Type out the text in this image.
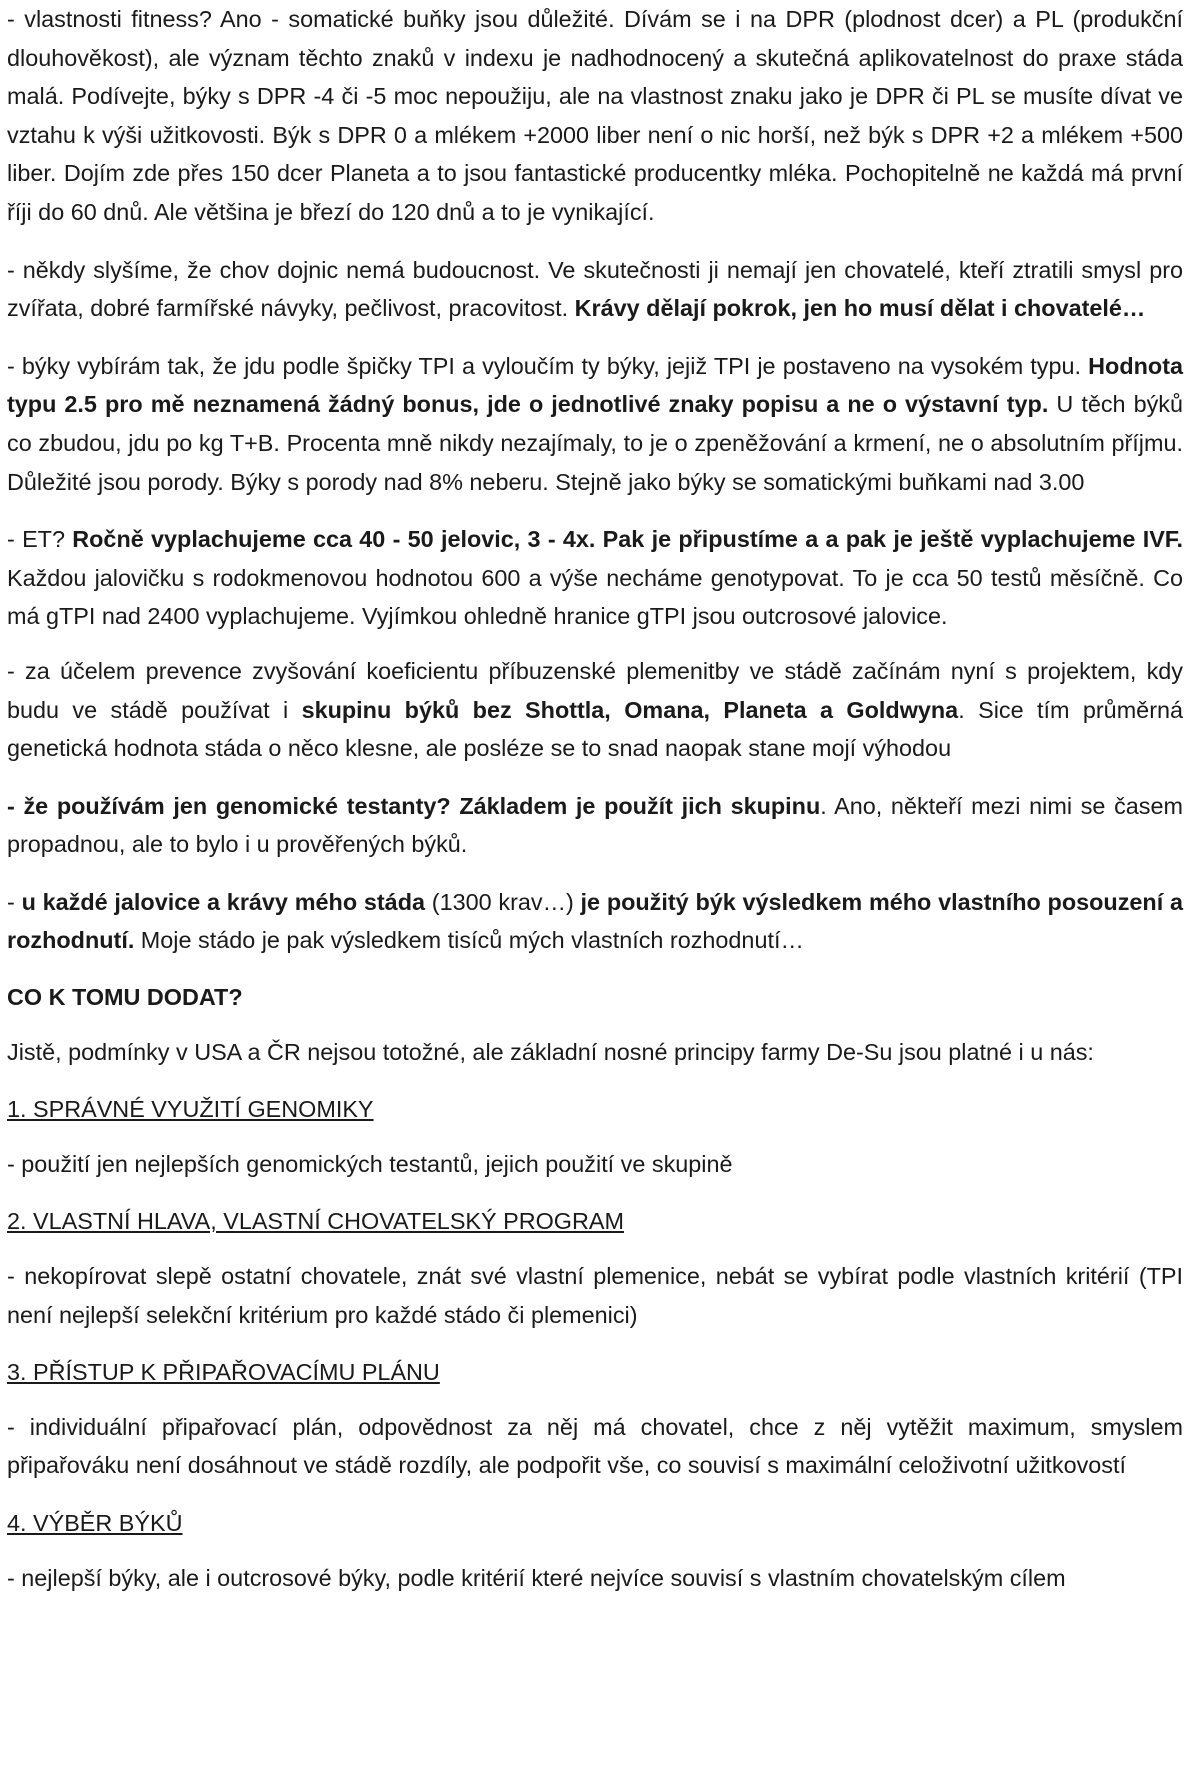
- vlastnosti fitness? Ano - somatické buňky jsou důležité. Dívám se i na DPR (plodnost dcer) a PL (produkční dlouhověkost), ale význam těchto znaků v indexu je nadhodnocený a skutečná aplikovatelnost do praxe stáda malá. Podívejte, býky s DPR -4 či -5 moc nepoužiju, ale na vlastnost znaku jako je DPR či PL se musíte dívat ve vztahu k výši užitkovosti. Býk s DPR 0 a mlékem +2000 liber není o nic horší, než býk s DPR +2 a mlékem +500 liber. Dojím zde přes 150 dcer Planeta a to jsou fantastické producentky mléka. Pochopitelně ne každá má první říji do 60 dnů. Ale většina je březí do 120 dnů a to je vynikající.

- někdy slyšíme, že chov dojnic nemá budoucnost. Ve skutečnosti ji nemají jen chovatelé, kteří ztratili smysl pro zvířata, dobré farmířské návyky, pečlivost, pracovitost. Krávy dělají pokrok, jen ho musí dělat i chovatelé…

- býky vybírám tak, že jdu podle špičky TPI a vyloučím ty býky, jejiž TPI je postaveno na vysokém typu. Hodnota typu 2.5 pro mě neznamená žádný bonus, jde o jednotlivé znaky popisu a ne o výstavní typ. U těch býků co zbudou, jdu po kg T+B. Procenta mně nikdy nezajímaly, to je o zpeněžování a krmení, ne o absolutním příjmu. Důležité jsou porody. Býky s porody nad 8% neberu. Stejně jako býky se somatickými buňkami nad 3.00

- ET? Ročně vyplachujeme cca 40 - 50 jelovic, 3 - 4x. Pak je připustíme a a pak je ještě vyplachujeme IVF. Každou jalovičku s rodokmenovou hodnotou 600 a výše necháme genotypovat. To je cca 50 testů měsíčně. Co má gTPI nad 2400 vyplachujeme. Vyjímkou ohledně hranice gTPI jsou outcrosové jalovice.

- za účelem prevence zvyšování koeficientu příbuzenské plemenitby ve stádě začínám nyní s projektem, kdy budu ve stádě používat i skupinu býků bez Shottla, Omana, Planeta a Goldwyna. Sice tím průměrná genetická hodnota stáda o něco klesne, ale posléze se to snad naopak stane mojí výhodou

- že používám jen genomické testanty? Základem je použít jich skupinu. Ano, někteří mezi nimi se časem propadnou, ale to bylo i u prověřených býků.

- u každé jalovice a krávy mého stáda (1300 krav…) je použitý býk výsledkem mého vlastního posouzení a rozhodnutí. Moje stádo je pak výsledkem tisíců mých vlastních rozhodnutí…

CO K TOMU DODAT?

Jistě, podmínky v USA a ČR nejsou totožné, ale základní nosné principy farmy De-Su jsou platné i u nás:

1. SPRÁVNÉ VYUŽITÍ GENOMIKY

- použití jen nejlepších genomických testantů, jejich použití ve skupině

2. VLASTNÍ HLAVA, VLASTNÍ CHOVATELSKÝ PROGRAM

- nekopírovat slepě ostatní chovatele, znát své vlastní plemenice, nebát se vybírat podle vlastních kritérií (TPI není nejlepší selekční kritérium pro každé stádo či plemenici)

3. PŘÍSTUP K PŘIPAŘOVACÍMU PLÁNU

- individuální připařovací plán, odpovědnost za něj má chovatel, chce z něj vytěžit maximum, smyslem připařováku není dosáhnout ve stádě rozdíly, ale podpořit vše, co souvisí s maximální celoživotní užitkovostí

4. VÝBĚR BÝKŮ

- nejlepší býky, ale i outcrosové býky, podle kritérií které nejvíce souvisí s vlastním chovatelským cílem
